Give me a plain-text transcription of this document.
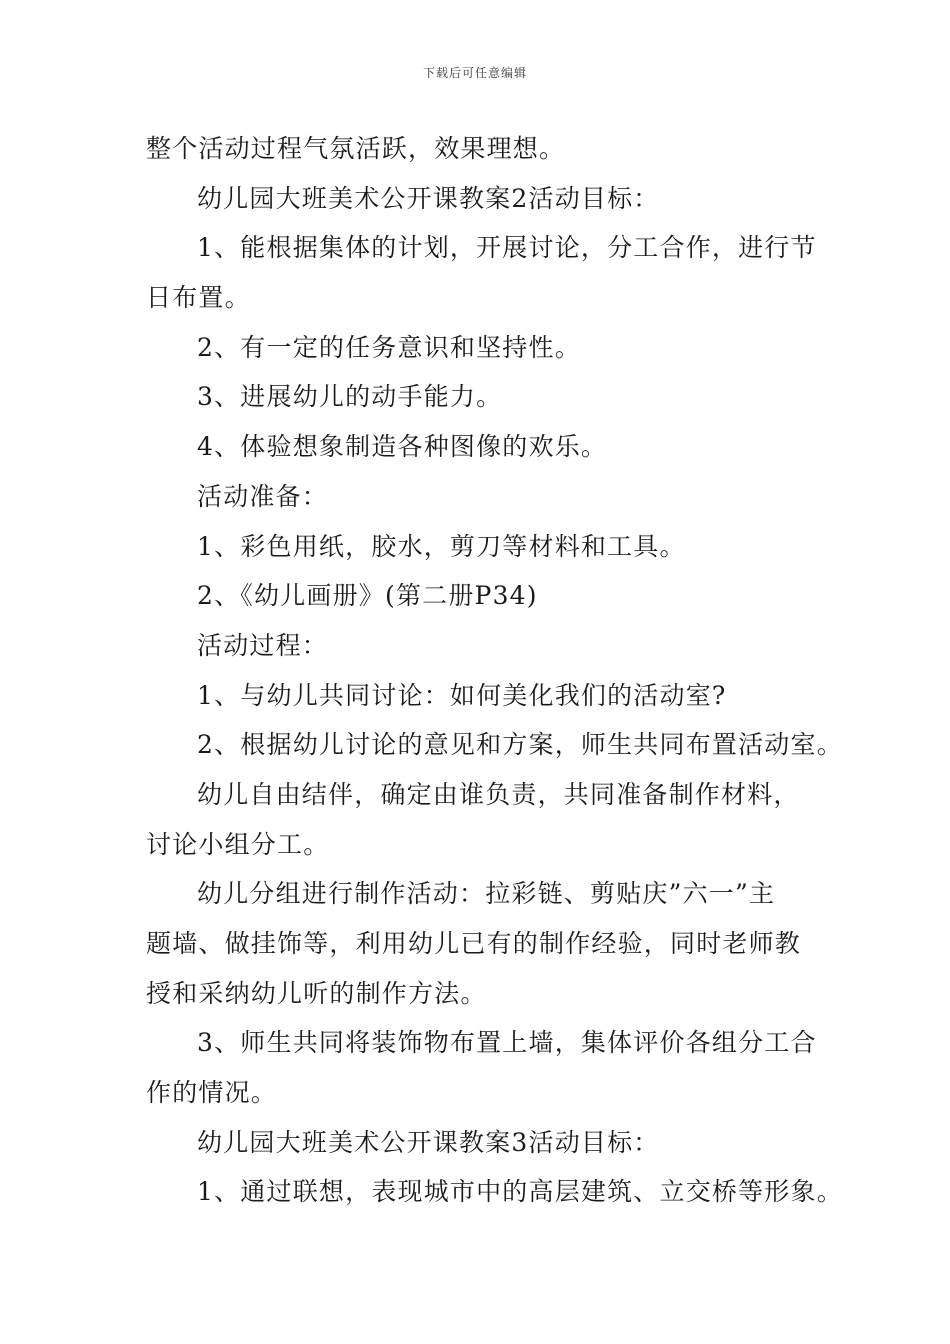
下载后可任意编辑
整个活动过程气氛活跃，效果理想。
幼儿园大班美术公开课教案2活动目标：
1、能根据集体的计划，开展讨论，分工合作，进行节
日布置。
2、有一定的任务意识和坚持性。
3、进展幼儿的动手能力。
4、体验想象制造各种图像的欢乐。
活动准备：
1、彩色用纸，胶水，剪刀等材料和工具。
2、《幼儿画册》(第二册P34)
活动过程：
1、与幼儿共同讨论：如何美化我们的活动室?
2、根据幼儿讨论的意见和方案，师生共同布置活动室。
幼儿自由结伴，确定由谁负责，共同准备制作材料，
讨论小组分工。
幼儿分组进行制作活动：拉彩链、剪贴庆”六一”主
题墙、做挂饰等，利用幼儿已有的制作经验，同时老师教
授和采纳幼儿听的制作方法。
3、师生共同将装饰物布置上墙，集体评价各组分工合
作的情况。
幼儿园大班美术公开课教案3活动目标：
1、通过联想，表现城市中的高层建筑、立交桥等形象。
